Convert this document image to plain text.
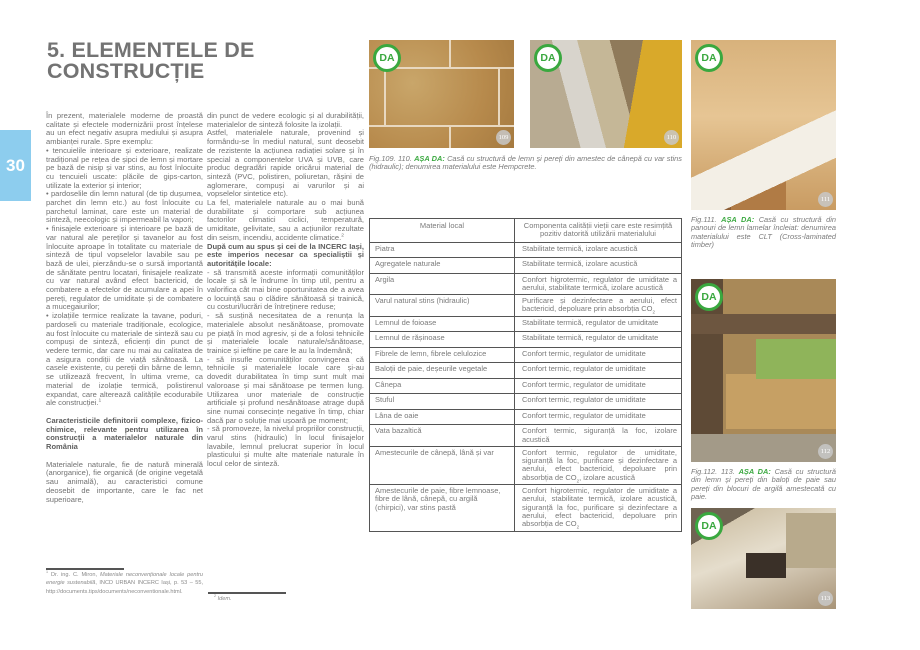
5. ELEMENTELE DE
CONSTRUCȚIE
30

În prezent, materialele moderne de proastă calitate și efectele modernizării prost înțelese au un efect negativ asupra mediului și asupra ambianței rurale. Spre exemplu:

• tencuielile interioare și exterioare, realizate tradițional pe rețea de șipci de lemn și mortare pe bază de nisip și var stins, au fost înlocuite cu tencuieli uscate: plăcile de gips-carton, utilizate la exterior și interior;

• pardoselile din lemn natural (de tip dușumea, parchet din lemn etc.) au fost înlocuite cu parchetul laminat, care este un material de sinteză, neecologic și impermeabil la vapori;

• finisajele exterioare și interioare pe bază de var natural ale pereților și tavanelor au fost înlocuite aproape în totalitate cu materiale de sinteză de tipul vopselelor lavabile sau pe bază de ulei, pierzându-se o sursă importantă de sănătate pentru locatari, finisajele realizate cu var natural având efect bactericid, de combatere a efectelor de acumulare a apei în pereți, regulator de umiditate și de combatere a mucegaiurilor;

• izolațiile termice realizate la tavane, poduri, pardoseli cu materiale tradiționale, ecologice, au fost înlocuite cu materiale de sinteză sau cu compuși de sinteză, eficienți din punct de vedere termic, dar care nu mai au calitatea de a asigura condiții de viață sănătoasă. La casele existente, cu pereții din bârne de lemn, se utilizează frecvent, în ultima vreme, ca material de izolație termică, polistirenul expandat, care alterează calitățile ecodurabile ale construcției.$^1$

Caracteristicile definitorii complexe, fizico-chimice, relevante pentru utilizarea în construcții a materialelor naturale din România

Materialele naturale, fie de natură minerală (anorganice), fie organică (de origine vegetală sau animală), au caracteristici comune deosebit de importante, care le fac net superioare,

$^1$ Dr. ing. C. Miron, Materiale neconvenționale locale pentru energie sustenabilă, INCD URBAN INCERC Iași, p. 53 – 55, http://documents.tips/documents/neconventionale.html.

din punct de vedere ecologic și al durabilității, materialelor de sinteză folosite la izolații.

Astfel, materialele naturale, provenind și formându-se în mediul natural, sunt deosebit de rezistente la acțiunea radiației solare și în special a componentelor UVA și UVB, care produc degradări rapide oricărui material de sinteză (PVC, polistiren, poliuretan, rășini de aglomerare, compuși ai varurilor și ai vopselelor sintetice etc).

La fel, materialele naturale au o mai bună durabilitate și comportare sub acțiunea factorilor climatici ciclici, temperatură, umiditate, gelivitate, sau a acțiunilor rezultate din seism, incendiu, accidente climatice.$^2$

După cum au spus și cei de la INCERC Iași, este imperios necesar ca specialiștii și autoritățile locale:

- să transmită aceste informații comunităților locale și să le îndrume în timp util, pentru a valorifica cât mai bine oportunitatea de a avea o locuință sau o clădire sănătoasă și trainică, cu costuri/lucrări de întreținere reduse;

- să susțină necesitatea de a renunța la materialele absolut nesănătoase, promovate pe piață în mod agresiv, și de a folosi tehnicile și materialele locale naturale/sănătoase, trainice și ieftine pe care le au la îndemână;

- să insufle comunităților convingerea că tehnicile și materialele locale care și-au dovedit durabilitatea în timp sunt mult mai valoroase și mai sănătoase pe termen lung. Utilizarea unor materiale de construcție artificiale și profund nesănătoase atrage după sine numai consecințe negative în timp, chiar dacă par o soluție mai ușoară pe moment;

- să promoveze, la nivelul propriilor construcții, varul stins (hidraulic) în locul finisajelor lavabile, lemnul prelucrat superior în locul plasticului și multe alte materiale naturale în locul celor de sinteză.

$^2$ Idem.
DA
109
DA
110
DA
111
DA
112
DA
113

Fig.109. 110. AȘA DA: Casă cu structură de lemn și pereți din amestec de cânepă cu var stins (hidraulic); denumirea materialului este Hempcrete.

Fig.111. AȘA DA: Casă cu structură din panouri de lemn lamelar încleiat: denumirea materialului este CLT (Cross-laminated timber)

Fig.112. 113. AȘA DA: Casă cu structură din lemn și pereți din baloți de paie sau pereți din blocuri de argilă amestecată cu paie.

Material local	Componenta calității vieții care este resimțită pozitiv datorită utilizării materialului
Piatra	Stabilitate termică, izolare acustică
Agregatele naturale	Stabilitate termică, izolare acustică
Argila	Confort higrotermic, regulator de umiditate a aerului, stabilitate termică, izolare acustică
Varul natural stins (hidraulic)	Purificare și dezinfectare a aerului, efect bactericid, depoluare prin absorbția $CO_2$
Lemnul de foioase	Stabilitate termică, regulator de umiditate
Lemnul de rășinoase	Stabilitate termică, regulator de umiditate
Fibrele de lemn, fibrele celulozice	Confort termic, regulator de umiditate
Baloții de paie, deșeurile vegetale	Confort termic, regulator de umiditate
Cânepa	Confort termic, regulator de umiditate
Stuful	Confort termic, regulator de umiditate
Lâna de oaie	Confort termic, regulator de umiditate
Vata bazaltică	Confort termic, siguranță la foc, izolare acustică
Amestecurile de cânepă, lână și var	Confort termic, regulator de umiditate, siguranță la foc, purificare și dezinfectare a aerului, efect bactericid, depoluare prin absorbția de $CO_2$, izolare acustică
Amestecurile de paie, fibre lemnoase, fibre de lână, cânepă, cu argilă (chirpici), var stins pastă	Confort higrotermic, regulator de umiditate a aerului, stabilitate termică, izolare acustică, siguranță la foc, purificare și dezinfectare a aerului, efect bactericid, depoluare prin absorbția de $CO_2$
